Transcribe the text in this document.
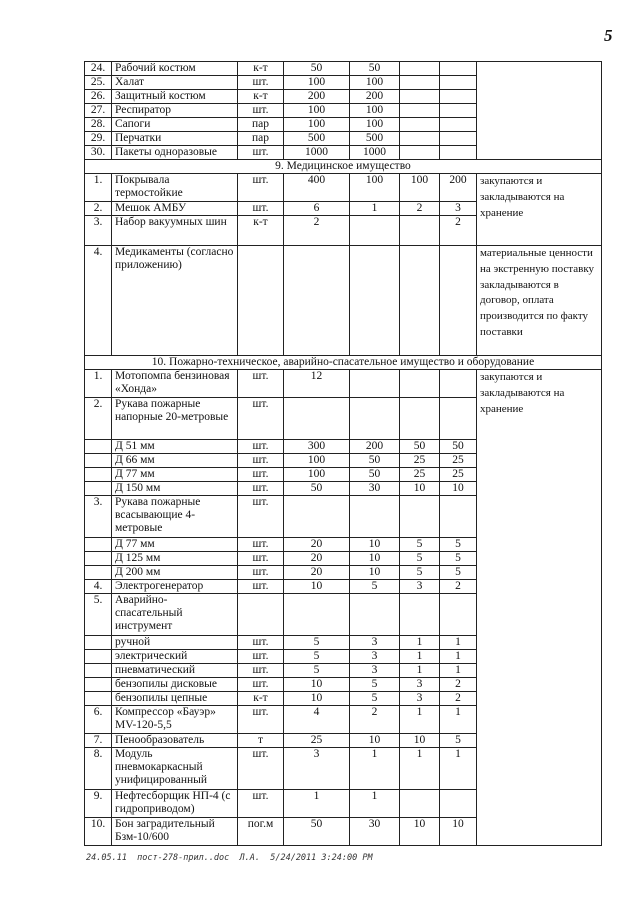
5
24.	Рабочий костюм	к-т	50	50			
25.	Халат	шт.	100	100			
26.	Защитный костюм	к-т	200	200			
27.	Респиратор	шт.	100	100			
28.	Сапоги	пар	100	100			
29.	Перчатки	пар	500	500			
30.	Пакеты одноразовые	шт.	1000	1000			
9. Медицинское имущество							
1.	Покрывала термостойкие	шт.	400	100	100	200	закупаются и закладываются на хранение
2.	Мешок АМБУ	шт.	6	1	2	3	
3.	Набор вакуумных шин	к-т	2			2	
4.	Медикаменты (согласно приложению)						материальные ценности на экстренную поставку закладываются в договор, оплата производится по факту поставки
10. Пожарно-техническое, аварийно-спасательное имущество и оборудование							
1.	Мотопомпа бензиновая «Хонда»	шт.	12				закупаются и закладываются на хранение
2.	Рукава пожарные напорные 20-метровые	шт.					
	Д 51 мм	шт.	300	200	50	50	
	Д 66 мм	шт.	100	50	25	25	
	Д 77 мм	шт.	100	50	25	25	
	Д 150 мм	шт.	50	30	10	10	
3.	Рукава пожарные всасывающие 4-метровые	шт.					
	Д 77 мм	шт.	20	10	5	5	
	Д 125 мм	шт.	20	10	5	5	
	Д 200 мм	шт.	20	10	5	5	
4.	Электрогенератор	шт.	10	5	3	2	
5.	Аварийно-спасательный инструмент						
	ручной	шт.	5	3	1	1	
	электрический	шт.	5	3	1	1	
	пневматический	шт.	5	3	1	1	
	бензопилы дисковые	шт.	10	5	3	2	
	бензопилы цепные	к-т	10	5	3	2	
6.	Компрессор «Бауэр» MV-120-5,5	шт.	4	2	1	1	
7.	Пенообразователь	т	25	10	10	5	
8.	Модуль пневмокаркасный унифицированный	шт.	3	1	1	1	
9.	Нефтесборщик НП-4 (с гидроприводом)	шт.	1	1			
10.	Бон заградительный Бзм-10/600	пог.м	50	30	10	10	
24.05.11  пост-278-прил..doc  Л.А.  5/24/2011 3:24:00 PM
